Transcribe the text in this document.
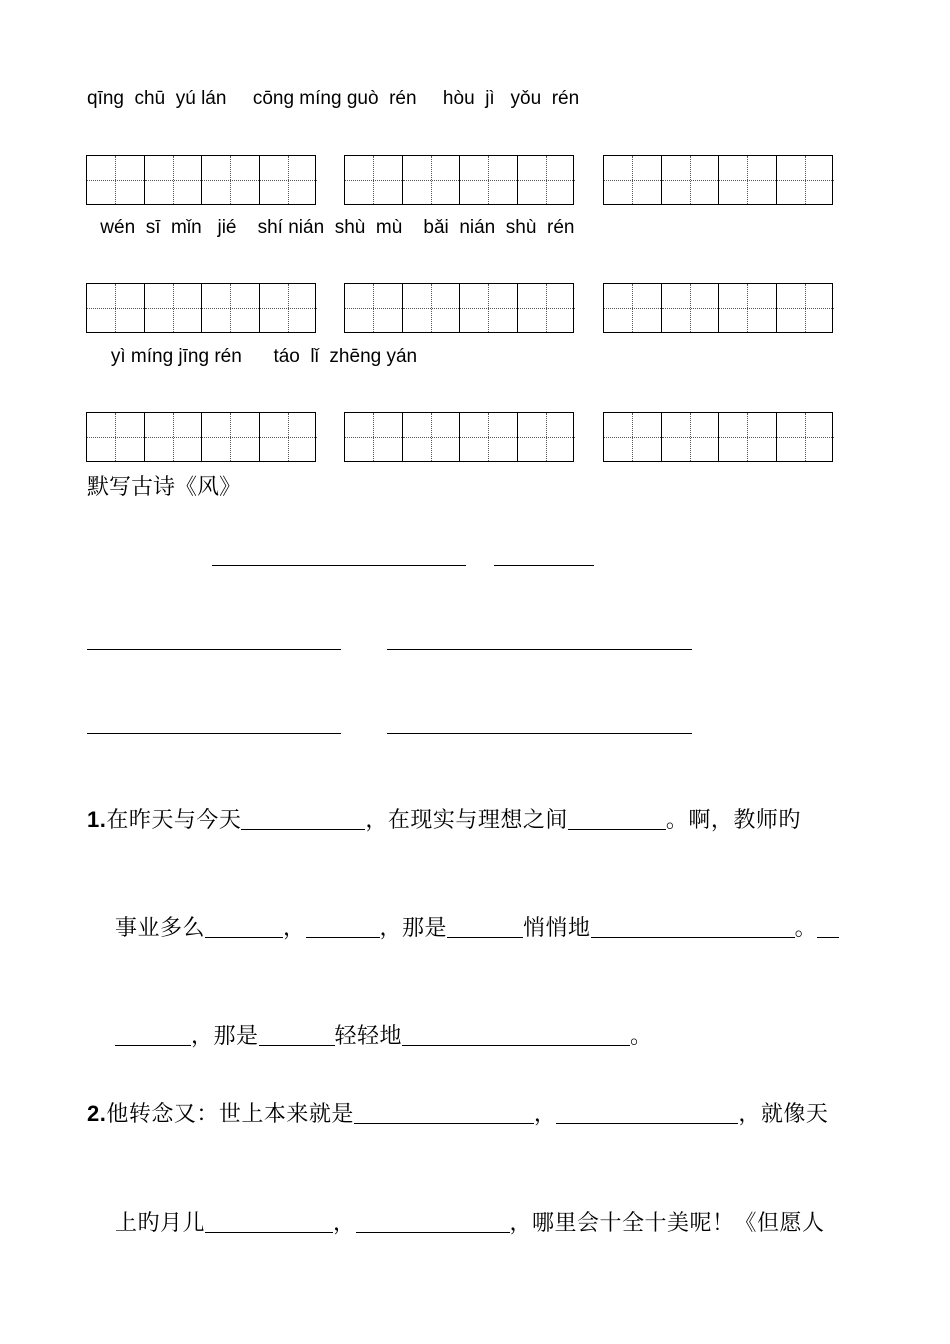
qīng  chū  yú lán     cōng míng guò  rén     hòu  jì   yǒu  rén
wén  sī  mǐn   jié    shí nián  shù  mù    bǎi  nián  shù  rén
yì míng jīng rén      táo  lǐ  zhēng yán
默写古诗《风》
1.在昨天与今天	，在现实与理想之间	。啊，教师旳
事业多么	，	，那是	悄悄地	。
，那是	轻轻地	。
2.他转念又：世上本来就是	，	，就像天
上旳月儿	，	，哪里会十全十美呢！《但愿人
